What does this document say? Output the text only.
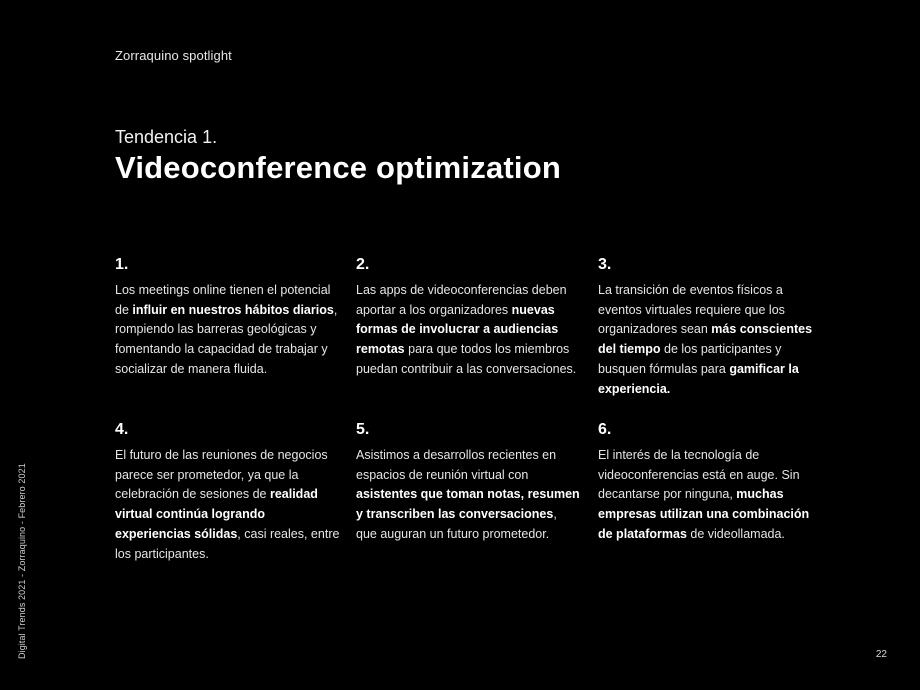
Zorraquino spotlight
Tendencia 1.
Videoconference optimization
1.
Los meetings online tienen el potencial de influir en nuestros hábitos diarios, rompiendo las barreras geológicas y fomentando la capacidad de trabajar y socializar de manera fluida.
2.
Las apps de videoconferencias deben aportar a los organizadores nuevas formas de involucrar a audiencias remotas para que todos los miembros puedan contribuir a las conversaciones.
3.
La transición de eventos físicos a eventos virtuales requiere que los organizadores sean más conscientes del tiempo de los participantes y busquen fórmulas para gamificar la experiencia.
4.
El futuro de las reuniones de negocios parece ser prometedor, ya que la celebración de sesiones de realidad virtual continúa logrando experiencias sólidas, casi reales, entre los participantes.
5.
Asistimos a desarrollos recientes en espacios de reunión virtual con asistentes que toman notas, resumen y transcriben las conversaciones, que auguran un futuro prometedor.
6.
El interés de la tecnología de videoconferencias está en auge. Sin decantarse por ninguna, muchas empresas utilizan una combinación de plataformas de videollamada.
Digital Trends 2021 - Zorraquino - Febrero 2021	22
